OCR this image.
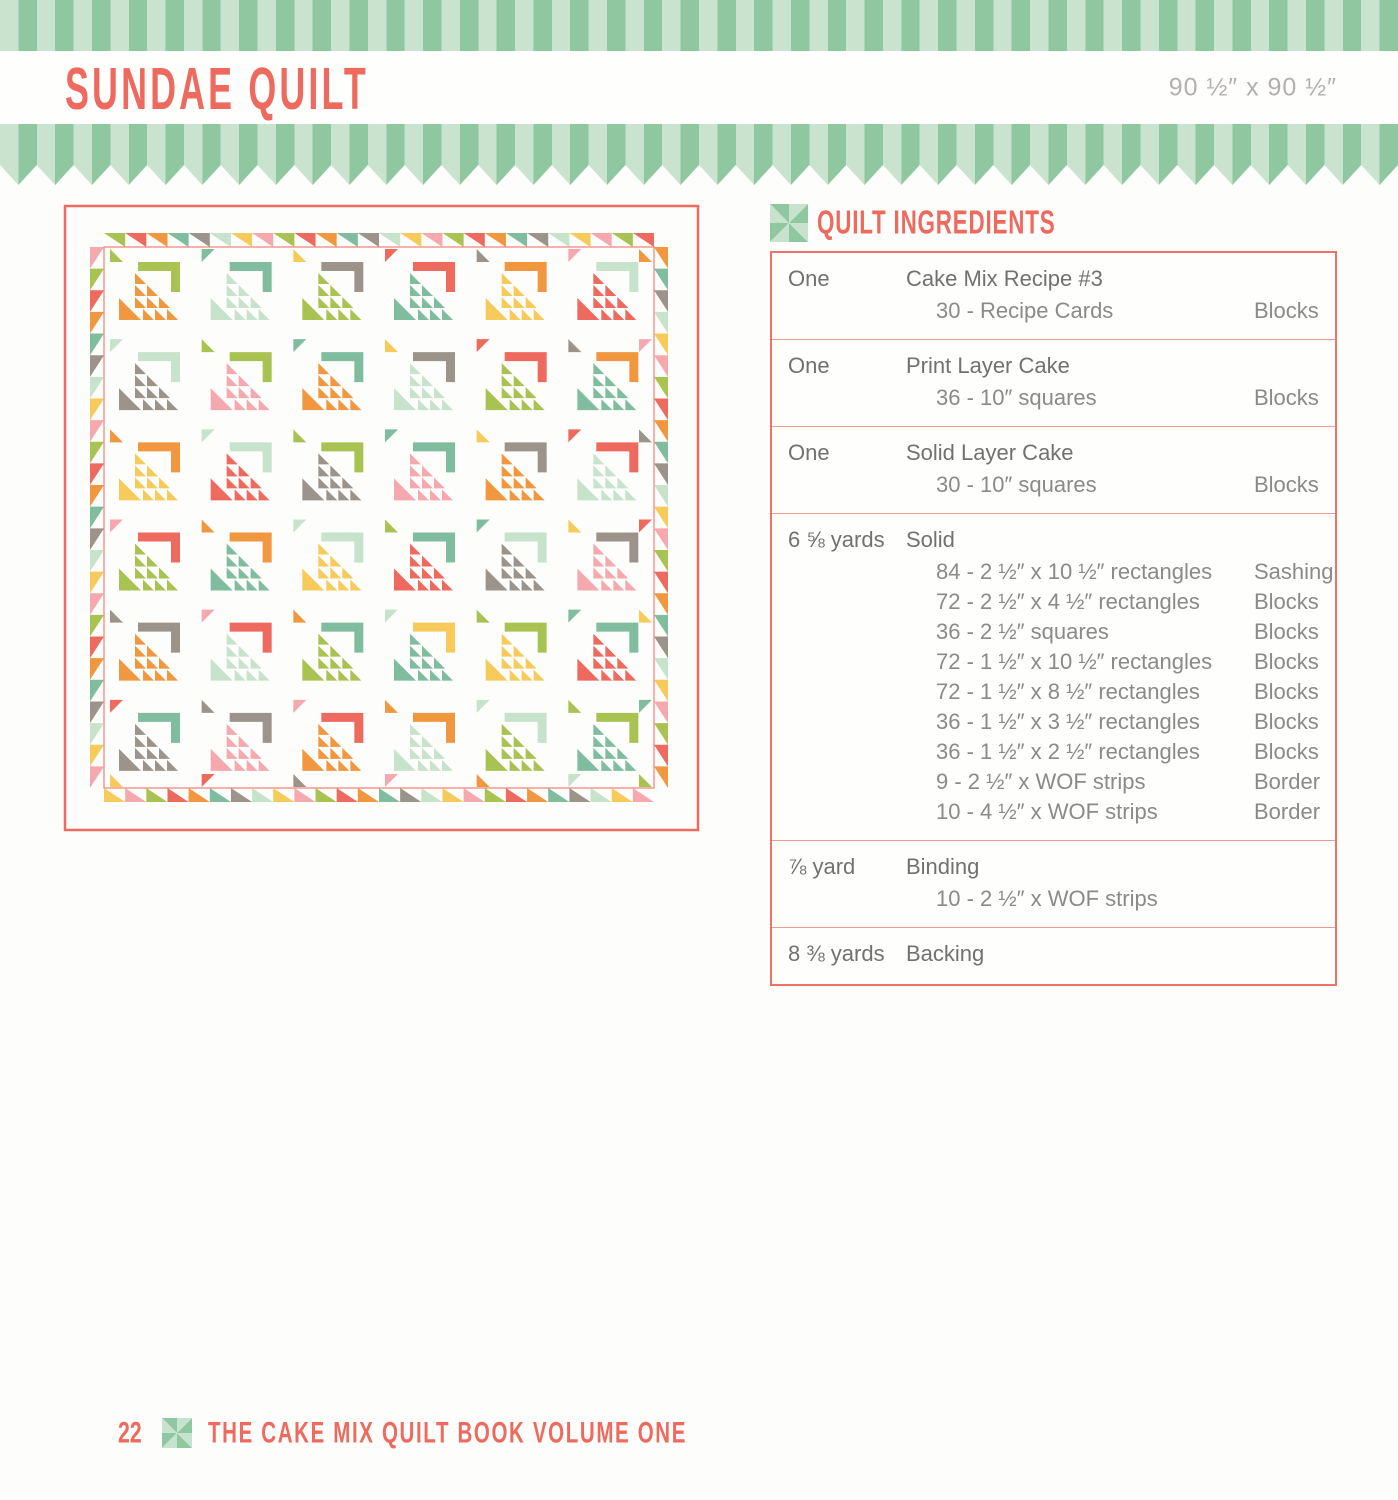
SUNDAE QUILT	90 ½″ x 90 ½″
QUILT INGREDIENTS
One	Cake Mix Recipe #3
30 - Recipe Cards	Blocks
One	Print Layer Cake
36 - 10″ squares	Blocks
One	Solid Layer Cake
30 - 10″ squares	Blocks
6 ⅝ yards Solid
84 - 2 ½″ x 10 ½″ rectangles	Sashing
72 - 2 ½″ x 4 ½″ rectangles	Blocks
36 - 2 ½″ squares	Blocks
72 - 1 ½″ x 10 ½″ rectangles	Blocks
72 - 1 ½″ x 8 ½″ rectangles	Blocks
36 - 1 ½″ x 3 ½″ rectangles	Blocks
36 - 1 ½″ x 2 ½″ rectangles	Blocks
9 - 2 ½″ x WOF strips	Border
10 - 4 ½″ x WOF strips	Border
⅞ yard	Binding
10 - 2 ½″ x WOF strips
8 ⅜ yards Backing
22	THE CAKE MIX QUILT BOOK VOLUME ONE
